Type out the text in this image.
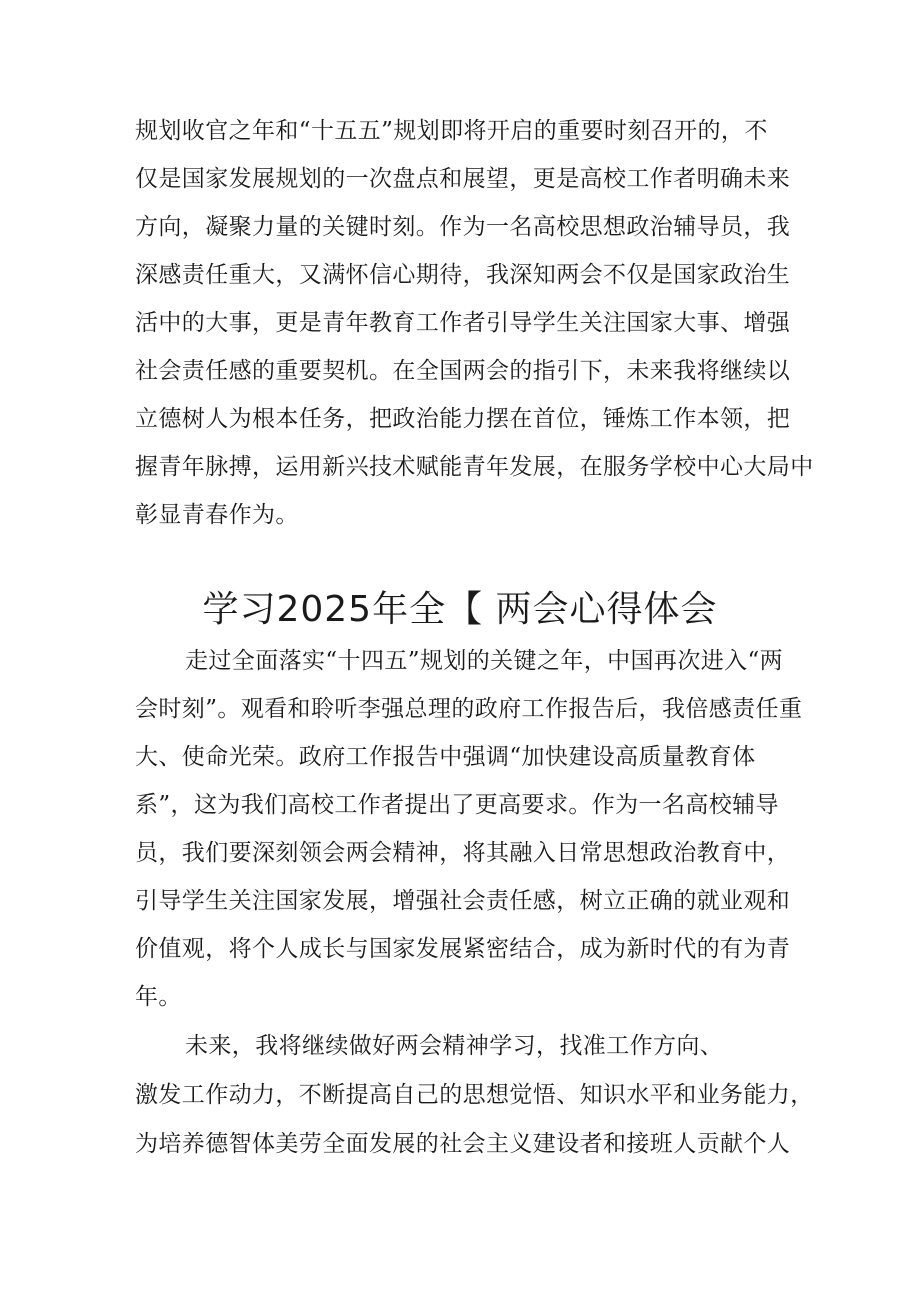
规划收官之年和“十五五”规划即将开启的重要时刻召开的，不
仅是国家发展规划的一次盘点和展望，更是高校工作者明确未来
方向，凝聚力量的关键时刻。作为一名高校思想政治辅导员，我
深感责任重大，又满怀信心期待，我深知两会不仅是国家政治生
活中的大事，更是青年教育工作者引导学生关注国家大事、增强
社会责任感的重要契机。在全国两会的指引下，未来我将继续以
立德树人为根本任务，把政治能力摆在首位，锤炼工作本领，把
握青年脉搏，运用新兴技术赋能青年发展，在服务学校中心大局中
彰显青春作为。
学习2025年全【 两会心得体会
走过全面落实“十四五”规划的关键之年，中国再次进入“两
会时刻”。观看和聆听李强总理的政府工作报告后，我倍感责任重
大、使命光荣。政府工作报告中强调“加快建设高质量教育体
系”，这为我们高校工作者提出了更高要求。作为一名高校辅导
员，我们要深刻领会两会精神，将其融入日常思想政治教育中，
引导学生关注国家发展，增强社会责任感，树立正确的就业观和
价值观，将个人成长与国家发展紧密结合，成为新时代的有为青
年。
未来，我将继续做好两会精神学习，找准工作方向、
激发工作动力，不断提高自己的思想觉悟、知识水平和业务能力，
为培养德智体美劳全面发展的社会主义建设者和接班人贡献个人
